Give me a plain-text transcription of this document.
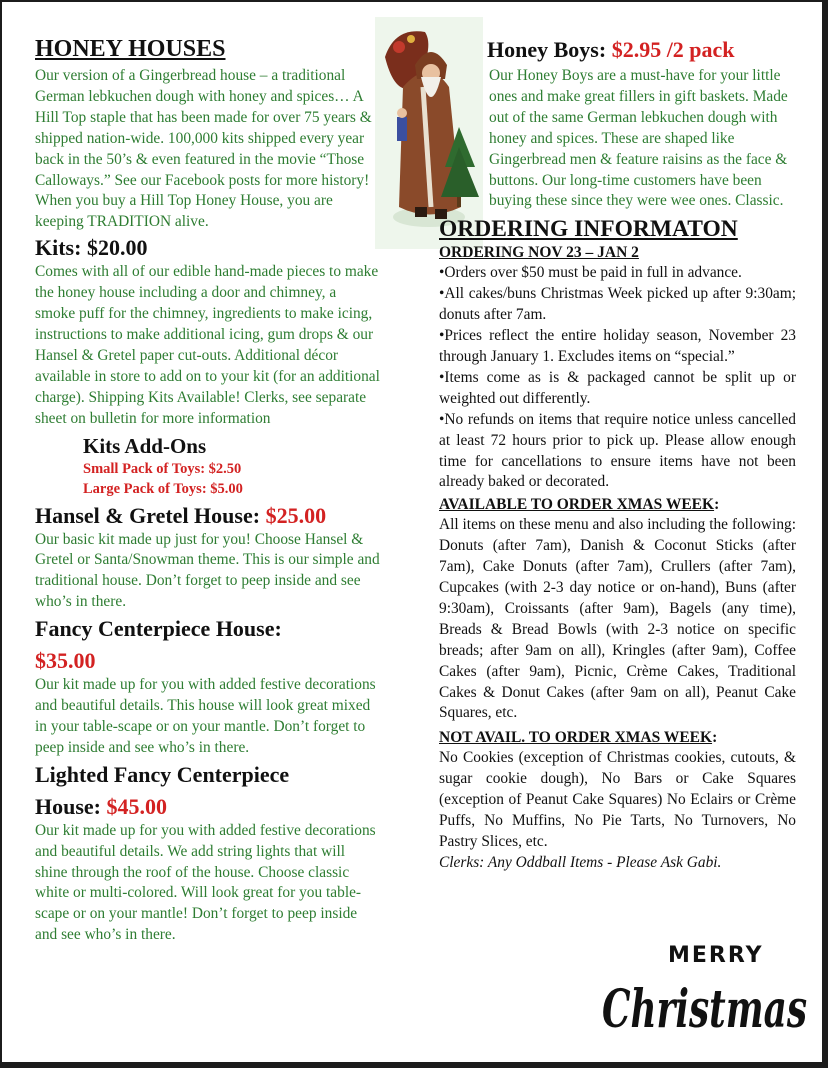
HONEY HOUSES

Our version of a Gingerbread house – a traditional German lebkuchen dough with honey and spices… A Hill Top staple that has been made for over 75 years & shipped nation-wide. 100,000 kits shipped every year back in the 50’s & even featured in the movie “Those Calloways.” See our Facebook posts for more history! When you buy a Hill Top Honey House, you are keeping TRADITION alive.

Kits: $20.00

Comes with all of our edible hand-made pieces to make the honey house including a door and chimney, a smoke puff for the chimney, ingredients to make icing, instructions to make additional icing, gum drops & our Hansel & Gretel paper cut-outs. Additional décor available in store to add on to your kit (for an additional charge). Shipping Kits Available! Clerks, see separate sheet on bulletin for more information

Kits Add-Ons
Small Pack of Toys: $2.50
Large Pack of Toys: $5.00
Hansel & Gretel House: $25.00

Our basic kit made up just for you! Choose Hansel & Gretel or Santa/Snowman theme. This is our simple and traditional house. Don’t forget to peep inside and see who’s in there.

Fancy Centerpiece House:
$35.00

Our kit made up for you with added festive decorations and beautiful details. This house will look great mixed in your table-scape or on your mantle. Don’t forget to peep inside and see who’s in there.

Lighted Fancy Centerpiece
House: $45.00

Our kit made up for you with added festive decorations and beautiful details. We add string lights that will shine through the roof of the house. Choose classic white or multi-colored. Will look great for you table-scape or on your mantle! Don’t forget to peep inside and see who’s in there.

Honey Boys: $2.95 /2 pack

Our Honey Boys are a must-have for your little ones and make great fillers in gift baskets. Made out of the same German lebkuchen dough with honey and spices. These are shaped like Gingerbread men & feature raisins as the face & buttons. Our long-time customers have been buying these since they were wee ones. Classic.

ORDERING INFORMATON
ORDERING NOV 23 – JAN 2

•Orders over $50 must be paid in full in advance.

•All cakes/buns Christmas Week picked up after 9:30am; donuts after 7am.

•Prices reflect the entire holiday season, November 23 through January 1. Excludes items on “special.”

•Items come as is & packaged cannot be split up or weighted out differently.

•No refunds on items that require notice unless cancelled at least 72 hours prior to pick up. Please allow enough time for cancellations to ensure items have not been already baked or decorated.

AVAILABLE TO ORDER XMAS WEEK:

All items on these menu and also including the following: Donuts (after 7am), Danish & Coconut Sticks (after 7am), Cake Donuts (after 7am), Crullers (after 7am), Cupcakes (with 2-3 day notice or on-hand), Buns (after 9:30am), Croissants (after 9am), Bagels (any time), Breads & Bread Bowls (with 2-3 notice on specific breads; after 9am on all), Kringles (after 9am), Coffee Cakes (after 9am), Picnic, Crème Cakes, Traditional Cakes & Donut Cakes (after 9am on all), Peanut Cake Squares, etc.

NOT AVAIL. TO ORDER XMAS WEEK:

No Cookies (exception of Christmas cookies, cutouts, & sugar cookie dough), No Bars or Cake Squares (exception of Peanut Cake Squares) No Eclairs or Crème Puffs, No Muffins, No Pie Tarts, No Turnovers, No Pastry Slices, etc.

Clerks: Any Oddball Items - Please Ask Gabi.

MERRY
Christmas
